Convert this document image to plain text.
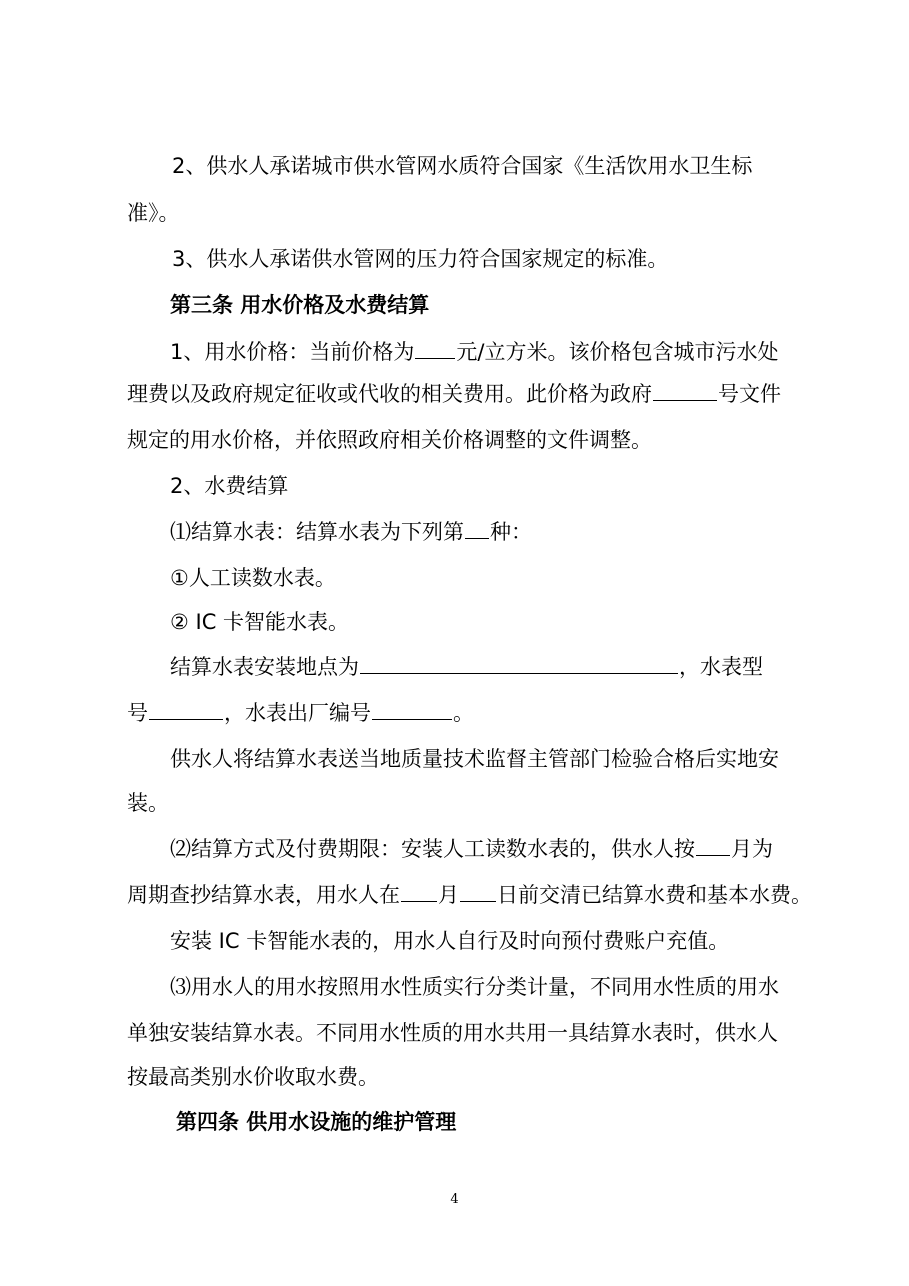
2、供水人承诺城市供水管网水质符合国家《生活饮用水卫生标
准》。
3、供水人承诺供水管网的压力符合国家规定的标准。
第三条 用水价格及水费结算
1、用水价格：当前价格为 元/立方米。该价格包含城市污水处
理费以及政府规定征收或代收的相关费用。此价格为政府	号文件
规定的用水价格，并依照政府相关价格调整的文件调整。
2、水费结算
⑴结算水表：结算水表为下列第 种：
①人工读数水表。
② IC 卡智能水表。
结算水表安装地点为	，水表型
号	，水表出厂编号	。
供水人将结算水表送当地质量技术监督主管部门检验合格后实地安
装。
⑵结算方式及付费期限：安装人工读数水表的，供水人按 月为
周期查抄结算水表，用水人在 月 日前交清已结算水费和基本水费。
安装 IC 卡智能水表的，用水人自行及时向预付费账户充值。
⑶用水人的用水按照用水性质实行分类计量，不同用水性质的用水
单独安装结算水表。不同用水性质的用水共用一具结算水表时，供水人
按最高类别水价收取水费。
第四条 供用水设施的维护管理
4
